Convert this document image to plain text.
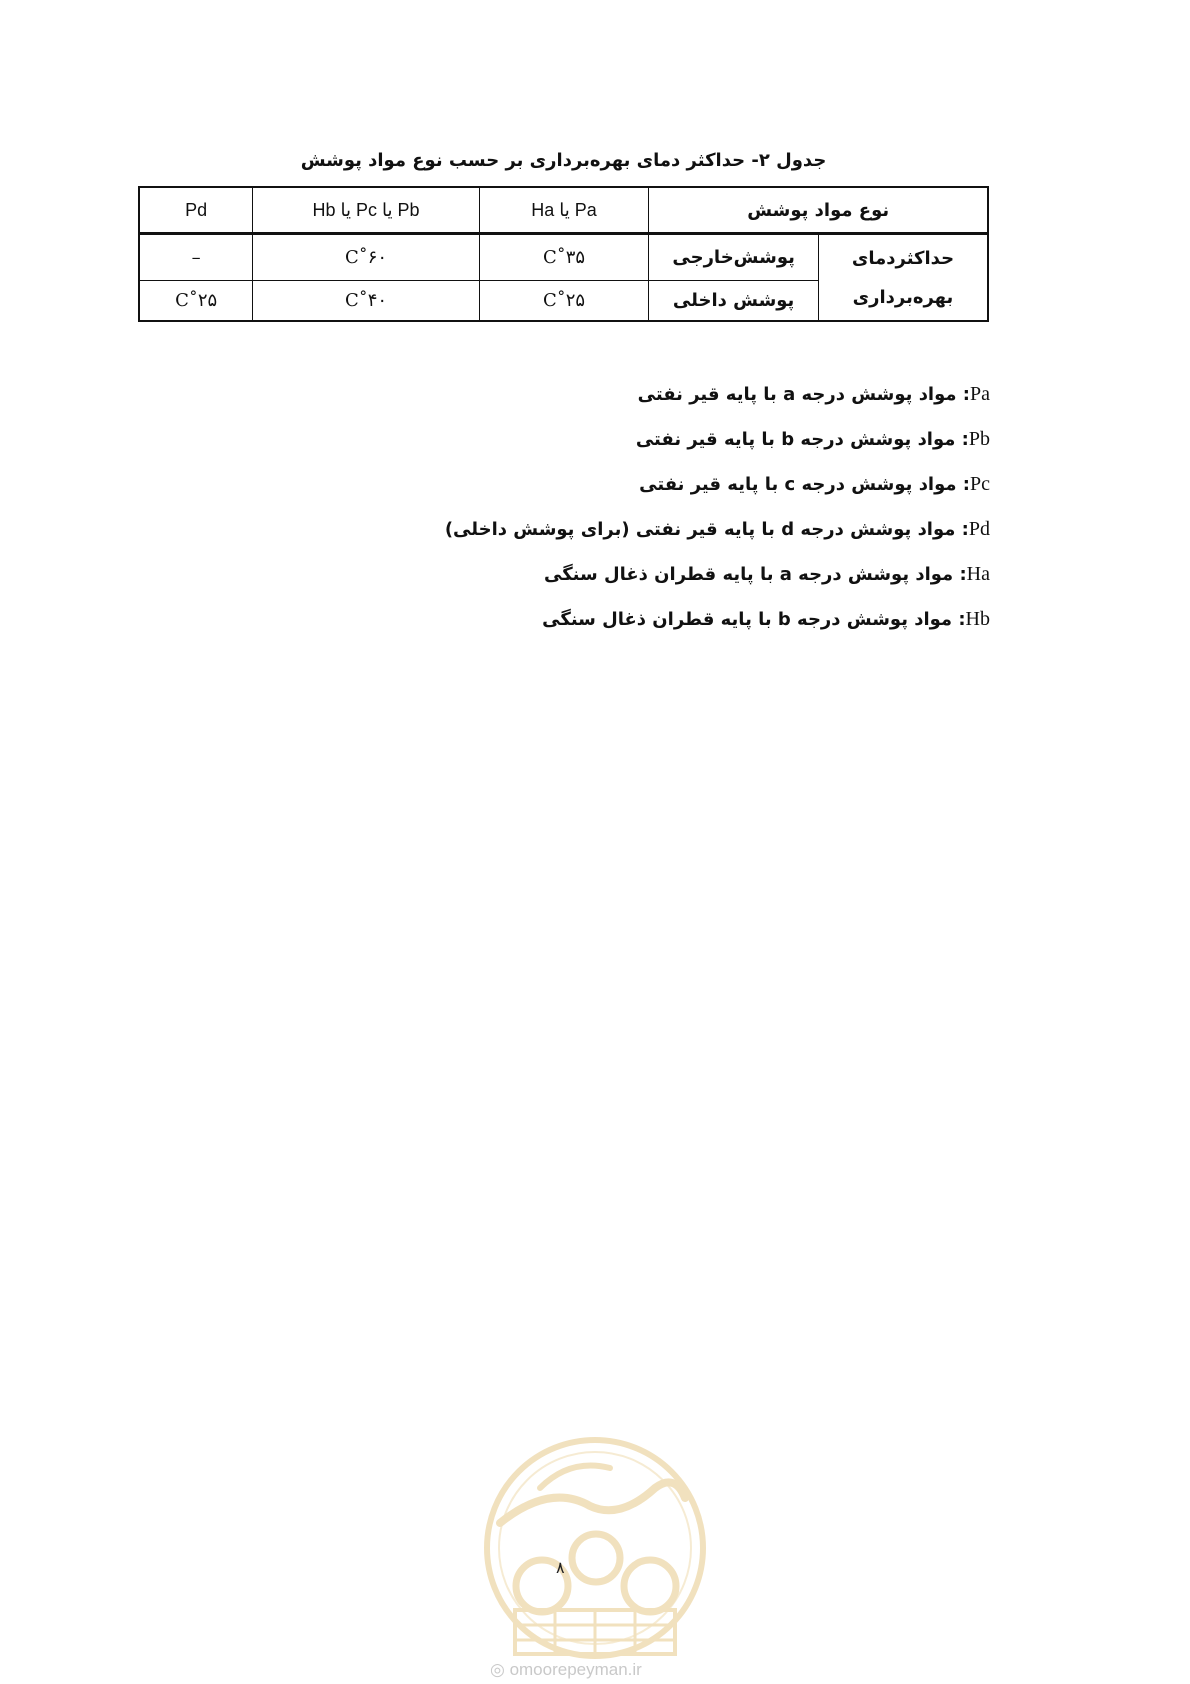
جدول ۲- حداکثر دمای بهره‌برداری بر حسب نوع مواد پوشش
نوع مواد پوشش		Pa یا Ha	Pb یا Pc یا Hb	Pd

حداکثردمای
بهره‌برداری	پوشش‌خارجی	۳۵˚C	۶۰˚C	–
	پوشش داخلی	۲۵˚C	۴۰˚C	۲۵˚C
Pa: مواد پوشش درجه a با پایه قیر نفتی
Pb: مواد پوشش درجه b با پایه قیر نفتی
Pc: مواد پوشش درجه c با پایه قیر نفتی
Pd: مواد پوشش درجه d با پایه قیر نفتی (برای پوشش داخلی)
Ha: مواد پوشش درجه a با پایه قطران ذغال سنگی
Hb: مواد پوشش درجه b با پایه قطران ذغال سنگی
۸
◎ omoorepeyman.ir
